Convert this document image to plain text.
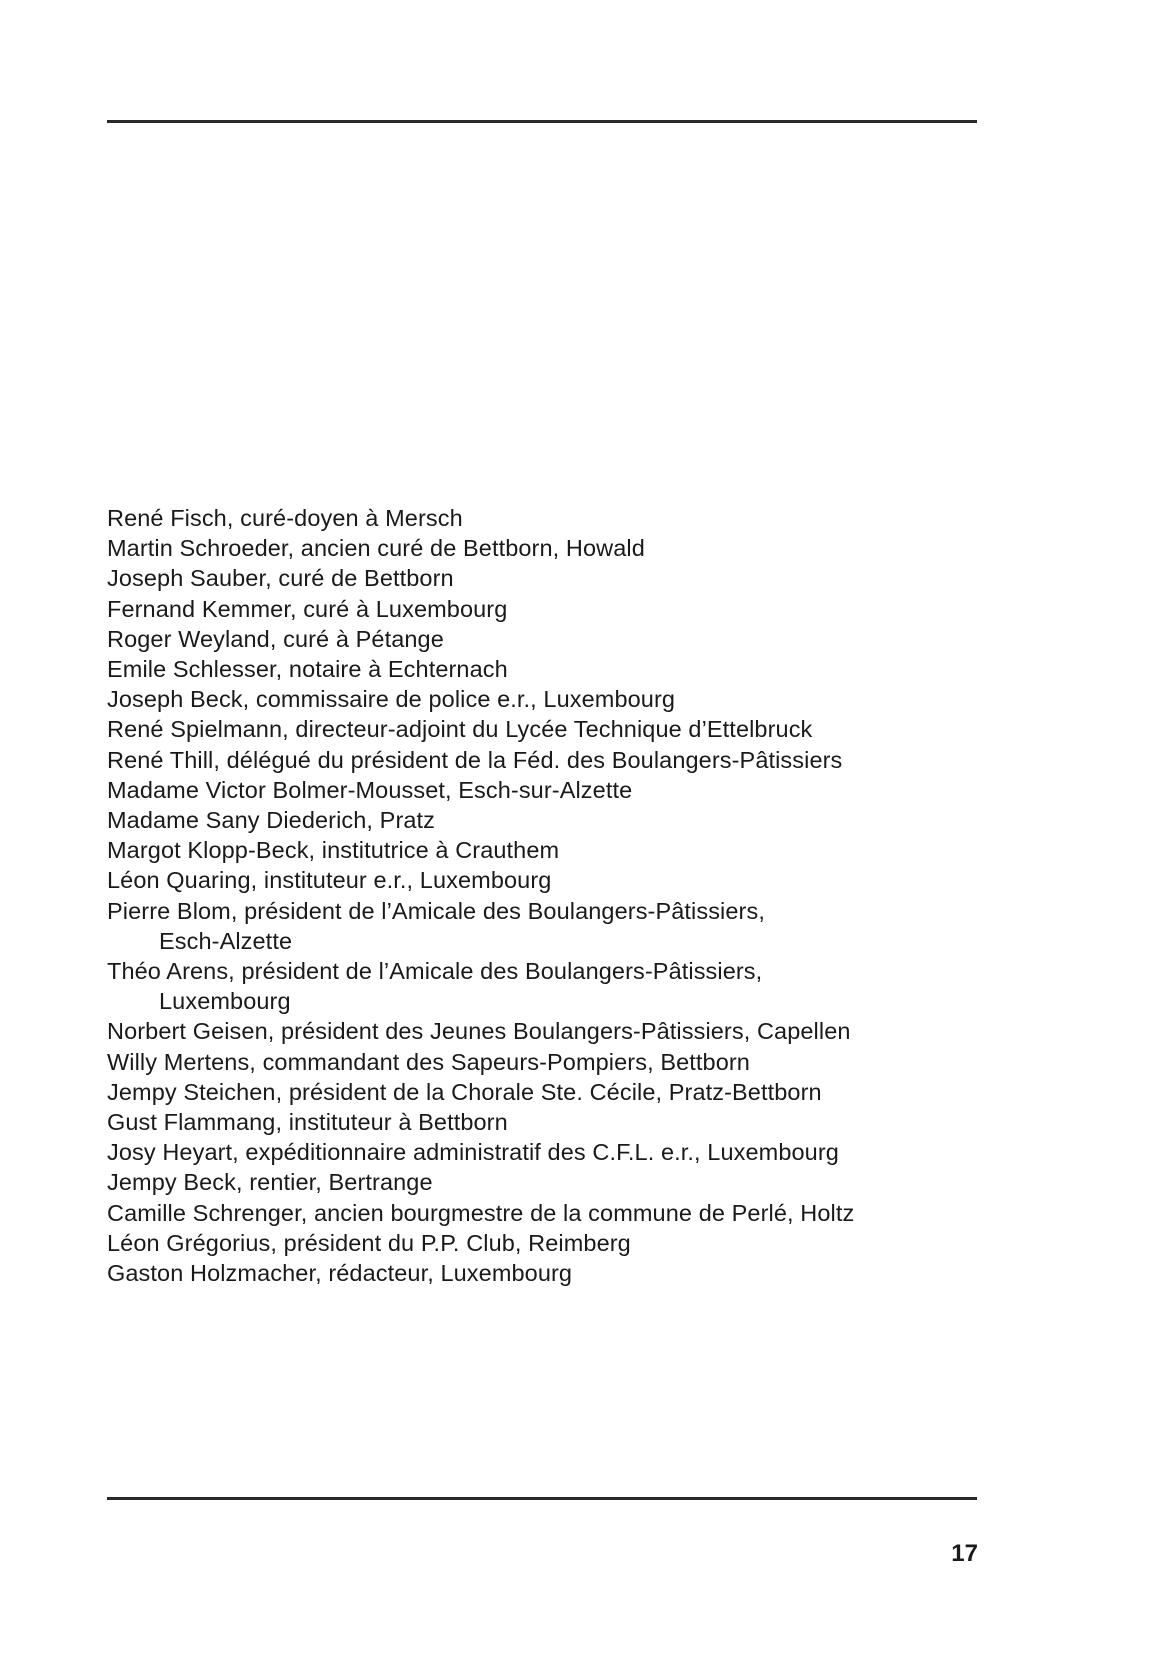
René Fisch, curé-doyen à Mersch
Martin Schroeder, ancien curé de Bettborn, Howald
Joseph Sauber, curé de Bettborn
Fernand Kemmer, curé à Luxembourg
Roger Weyland, curé à Pétange
Emile Schlesser, notaire à Echternach
Joseph Beck, commissaire de police e.r., Luxembourg
René Spielmann, directeur-adjoint du Lycée Technique d’Ettelbruck
René Thill, délégué du président de la Féd. des Boulangers-Pâtissiers
Madame Victor Bolmer-Mousset, Esch-sur-Alzette
Madame Sany Diederich, Pratz
Margot Klopp-Beck, institutrice à Crauthem
Léon Quaring, instituteur e.r., Luxembourg
Pierre Blom, président de l’Amicale des Boulangers-Pâtissiers,
Esch-Alzette
Théo Arens, président de l’Amicale des Boulangers-Pâtissiers,
Luxembourg
Norbert Geisen, président des Jeunes Boulangers-Pâtissiers, Capellen
Willy Mertens, commandant des Sapeurs-Pompiers, Bettborn
Jempy Steichen, président de la Chorale Ste. Cécile, Pratz-Bettborn
Gust Flammang, instituteur à Bettborn
Josy Heyart, expéditionnaire administratif des C.F.L. e.r., Luxembourg
Jempy Beck, rentier, Bertrange
Camille Schrenger, ancien bourgmestre de la commune de Perlé, Holtz
Léon Grégorius, président du P.P. Club, Reimberg
Gaston Holzmacher, rédacteur, Luxembourg
17
